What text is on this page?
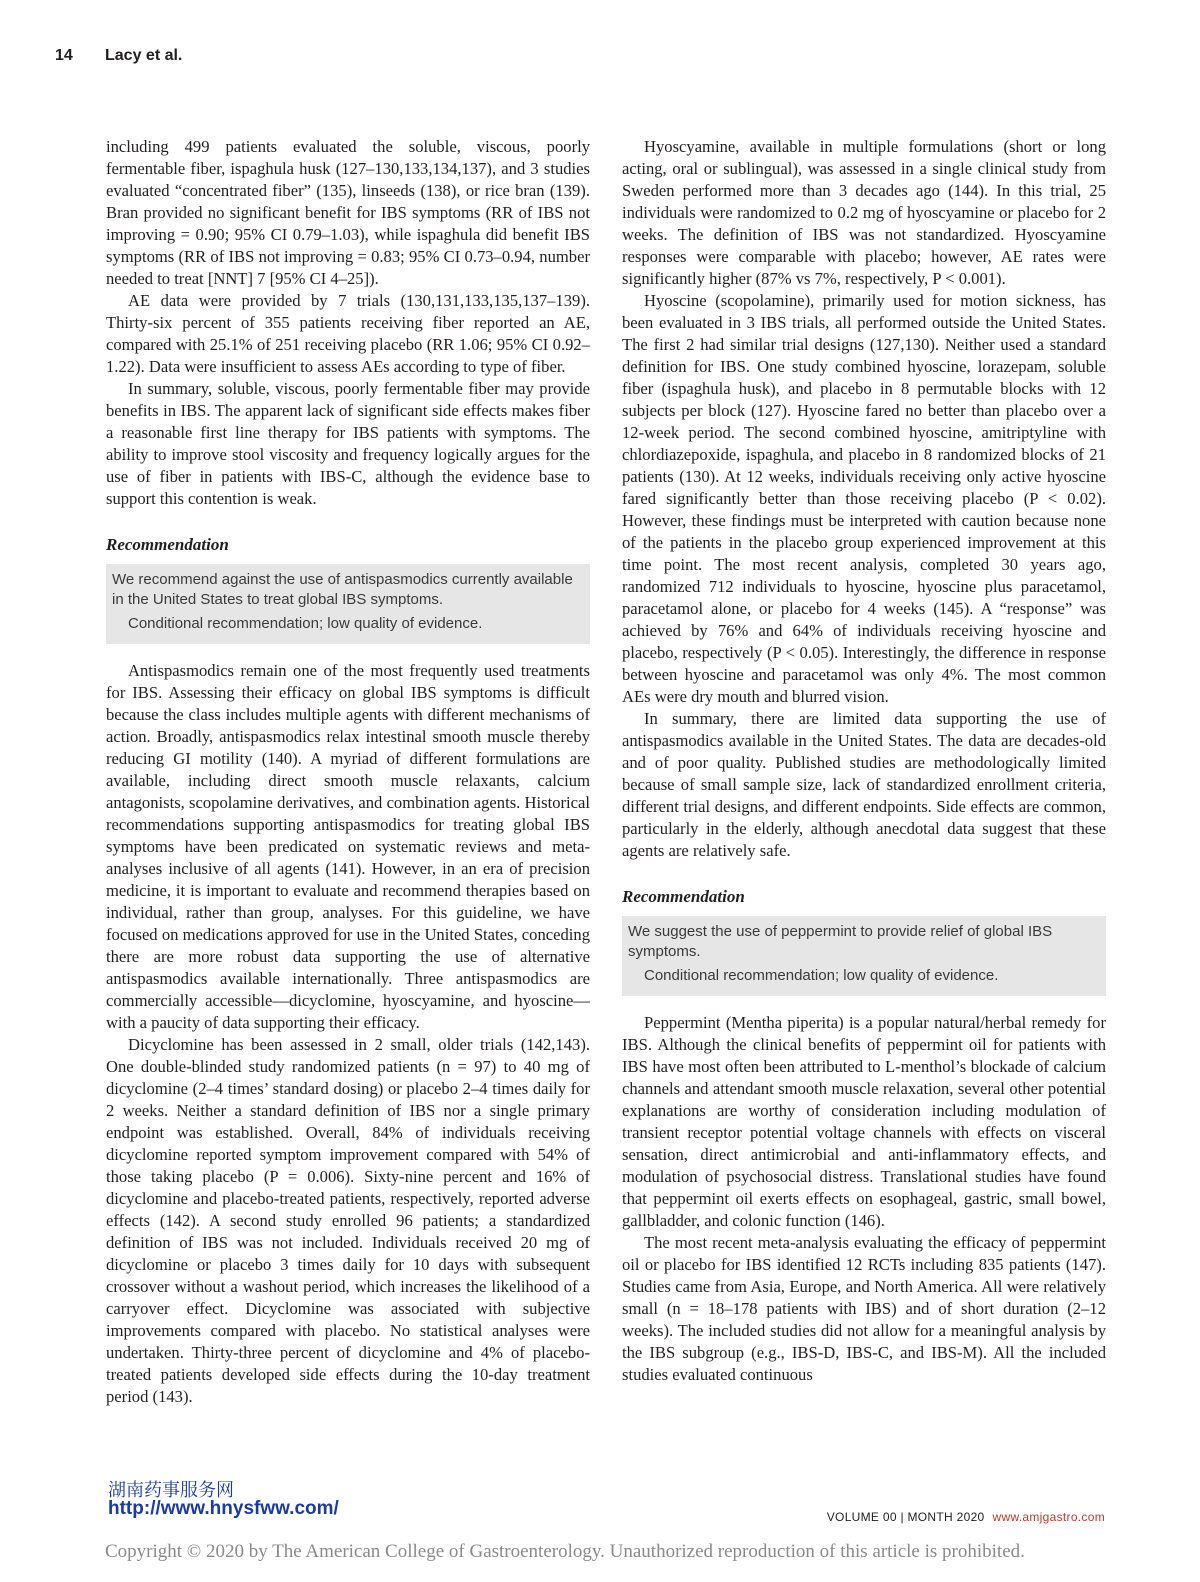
14 Lacy et al.

including 499 patients evaluated the soluble, viscous, poorly fermentable fiber, ispaghula husk (127–130,133,134,137), and 3 studies evaluated “concentrated fiber” (135), linseeds (138), or rice bran (139). Bran provided no significant benefit for IBS symptoms (RR of IBS not improving = 0.90; 95% CI 0.79–1.03), while ispaghula did benefit IBS symptoms (RR of IBS not improving = 0.83; 95% CI 0.73–0.94, number needed to treat [NNT] 7 [95% CI 4–25]).

AE data were provided by 7 trials (130,131,133,135,137–139). Thirty-six percent of 355 patients receiving fiber reported an AE, compared with 25.1% of 251 receiving placebo (RR 1.06; 95% CI 0.92–1.22). Data were insufficient to assess AEs according to type of fiber.

In summary, soluble, viscous, poorly fermentable fiber may provide benefits in IBS. The apparent lack of significant side effects makes fiber a reasonable first line therapy for IBS patients with symptoms. The ability to improve stool viscosity and frequency logically argues for the use of fiber in patients with IBS-C, although the evidence base to support this contention is weak.

Recommendation
We recommend against the use of antispasmodics currently available in the United States to treat global IBS symptoms.
Conditional recommendation; low quality of evidence.

Antispasmodics remain one of the most frequently used treatments for IBS. Assessing their efficacy on global IBS symptoms is difficult because the class includes multiple agents with different mechanisms of action. Broadly, antispasmodics relax intestinal smooth muscle thereby reducing GI motility (140). A myriad of different formulations are available, including direct smooth muscle relaxants, calcium antagonists, scopolamine derivatives, and combination agents. Historical recommendations supporting antispasmodics for treating global IBS symptoms have been predicated on systematic reviews and meta-analyses inclusive of all agents (141). However, in an era of precision medicine, it is important to evaluate and recommend therapies based on individual, rather than group, analyses. For this guideline, we have focused on medications approved for use in the United States, conceding there are more robust data supporting the use of alternative antispasmodics available internationally. Three antispasmodics are commercially accessible—dicyclomine, hyoscyamine, and hyoscine—with a paucity of data supporting their efficacy.

Dicyclomine has been assessed in 2 small, older trials (142,143). One double-blinded study randomized patients (n = 97) to 40 mg of dicyclomine (2–4 times’ standard dosing) or placebo 2–4 times daily for 2 weeks. Neither a standard definition of IBS nor a single primary endpoint was established. Overall, 84% of individuals receiving dicyclomine reported symptom improvement compared with 54% of those taking placebo (P = 0.006). Sixty-nine percent and 16% of dicyclomine and placebo-treated patients, respectively, reported adverse effects (142). A second study enrolled 96 patients; a standardized definition of IBS was not included. Individuals received 20 mg of dicyclomine or placebo 3 times daily for 10 days with subsequent crossover without a washout period, which increases the likelihood of a carryover effect. Dicyclomine was associated with subjective improvements compared with placebo. No statistical analyses were undertaken. Thirty-three percent of dicyclomine and 4% of placebo-treated patients developed side effects during the 10-day treatment period (143).

Hyoscyamine, available in multiple formulations (short or long acting, oral or sublingual), was assessed in a single clinical study from Sweden performed more than 3 decades ago (144). In this trial, 25 individuals were randomized to 0.2 mg of hyoscyamine or placebo for 2 weeks. The definition of IBS was not standardized. Hyoscyamine responses were comparable with placebo; however, AE rates were significantly higher (87% vs 7%, respectively, P < 0.001).

Hyoscine (scopolamine), primarily used for motion sickness, has been evaluated in 3 IBS trials, all performed outside the United States. The first 2 had similar trial designs (127,130). Neither used a standard definition for IBS. One study combined hyoscine, lorazepam, soluble fiber (ispaghula husk), and placebo in 8 permutable blocks with 12 subjects per block (127). Hyoscine fared no better than placebo over a 12-week period. The second combined hyoscine, amitriptyline with chlordiazepoxide, ispaghula, and placebo in 8 randomized blocks of 21 patients (130). At 12 weeks, individuals receiving only active hyoscine fared significantly better than those receiving placebo (P < 0.02). However, these findings must be interpreted with caution because none of the patients in the placebo group experienced improvement at this time point. The most recent analysis, completed 30 years ago, randomized 712 individuals to hyoscine, hyoscine plus paracetamol, paracetamol alone, or placebo for 4 weeks (145). A “response” was achieved by 76% and 64% of individuals receiving hyoscine and placebo, respectively (P < 0.05). Interestingly, the difference in response between hyoscine and paracetamol was only 4%. The most common AEs were dry mouth and blurred vision.

In summary, there are limited data supporting the use of antispasmodics available in the United States. The data are decades-old and of poor quality. Published studies are methodologically limited because of small sample size, lack of standardized enrollment criteria, different trial designs, and different endpoints. Side effects are common, particularly in the elderly, although anecdotal data suggest that these agents are relatively safe.

Recommendation
We suggest the use of peppermint to provide relief of global IBS symptoms.
Conditional recommendation; low quality of evidence.

Peppermint (Mentha piperita) is a popular natural/herbal remedy for IBS. Although the clinical benefits of peppermint oil for patients with IBS have most often been attributed to L-menthol’s blockade of calcium channels and attendant smooth muscle relaxation, several other potential explanations are worthy of consideration including modulation of transient receptor potential voltage channels with effects on visceral sensation, direct antimicrobial and anti-inflammatory effects, and modulation of psychosocial distress. Translational studies have found that peppermint oil exerts effects on esophageal, gastric, small bowel, gallbladder, and colonic function (146).

The most recent meta-analysis evaluating the efficacy of peppermint oil or placebo for IBS identified 12 RCTs including 835 patients (147). Studies came from Asia, Europe, and North America. All were relatively small (n = 18–178 patients with IBS) and of short duration (2–12 weeks). The included studies did not allow for a meaningful analysis by the IBS subgroup (e.g., IBS-D, IBS-C, and IBS-M). All the included studies evaluated continuous

湖南药事服务网
http://www.hnysfww.com/	VOLUME 00 | MONTH 2020 www.amjgastro.com
Copyright © 2020 by The American College of Gastroenterology. Unauthorized reproduction of this article is prohibited.
